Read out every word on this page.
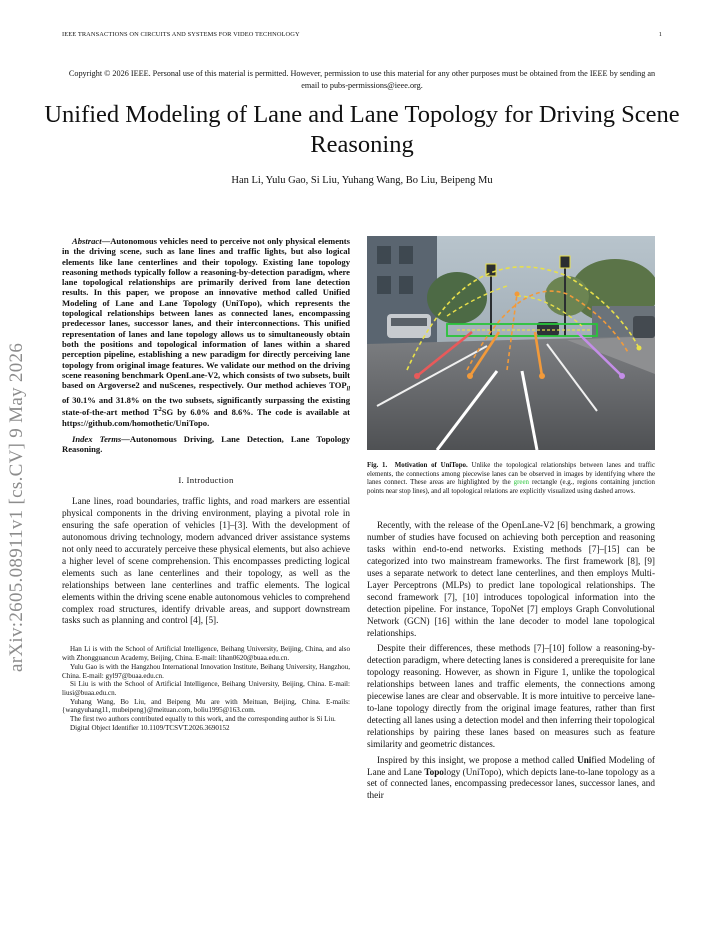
IEEE TRANSACTIONS ON CIRCUITS AND SYSTEMS FOR VIDEO TECHNOLOGY	1
Copyright © 2026 IEEE. Personal use of this material is permitted. However, permission to use this material for any other purposes must be obtained from the IEEE by sending an email to pubs-permissions@ieee.org.
Unified Modeling of Lane and Lane Topology for Driving Scene Reasoning
Han Li, Yulu Gao, Si Liu, Yuhang Wang, Bo Liu, Beipeng Mu
arXiv:2605.08911v1 [cs.CV] 9 May 2026

Abstract—Autonomous vehicles need to perceive not only physical elements in the driving scene, such as lane lines and traffic lights, but also logical elements like lane centerlines and their topology. Existing lane topology reasoning methods typically follow a reasoning-by-detection paradigm, where lane topological relationships are primarily derived from lane detection results. In this paper, we propose an innovative method called Unified Modeling of Lane and Lane Topology (UniTopo), which represents the topological relationships between lanes as connected lanes, encompassing predecessor lanes, successor lanes, and their interconnections. This unified representation of lanes and lane topology allows us to simultaneously obtain both the positions and topological information of lanes within a shared perception pipeline, establishing a new paradigm for directly perceiving lane topology from original image features. We validate our method on the driving scene reasoning benchmark OpenLane-V2, which consists of two subsets, built based on Argoverse2 and nuScenes, respectively. Our method achieves $TOP_{ll}$ of 30.1% and 31.8% on the two subsets, significantly surpassing the existing state-of-the-art method $T^2SG$ by 6.0% and 8.6%. The code is available at https://github.com/homothetic/UniTopo.

Index Terms—Autonomous Driving, Lane Detection, Lane Topology Reasoning.

I. Introduction

Lane lines, road boundaries, traffic lights, and road markers are essential physical components in the driving environment, playing a pivotal role in ensuring the safe operation of vehicles [1]–[3]. With the development of autonomous driving technology, modern advanced driver assistance systems not only need to accurately perceive these physical elements, but also achieve a higher level of scene comprehension. This encompasses predicting logical elements such as lane centerlines and their topology, as well as the relationships between lane centerlines and traffic elements. The logical elements within the driving scene enable autonomous vehicles to comprehend complex road structures, identify drivable areas, and support downstream tasks such as planning and control [4], [5].

Han Li is with the School of Artificial Intelligence, Beihang University, Beijing, China, and also with Zhongguancun Academy, Beijing, China. E-mail: lihan0620@buaa.edu.cn.

Yulu Gao is with the Hangzhou International Innovation Institute, Beihang University, Hangzhou, China. E-mail: gyl97@buaa.edu.cn.

Si Liu is with the School of Artificial Intelligence, Beihang University, Beijing, China. E-mail: liusi@buaa.edu.cn.

Yuhang Wang, Bo Liu, and Beipeng Mu are with Meituan, Beijing, China. E-mails: {wangyuhang11, mubeipeng}@meituan.com, boliu1995@163.com.

The first two authors contributed equally to this work, and the corresponding author is Si Liu.

Digital Object Identifier 10.1109/TCSVT.2026.3690152

Fig. 1. Motivation of UniTopo. Unlike the topological relationships between lanes and traffic elements, the connections among piecewise lanes can be observed in images by identifying where the lanes connect. These areas are highlighted by the green rectangle (e.g., regions containing junction points near stop lines), and all topological relations are explicitly visualized using dashed arrows.

Recently, with the release of the OpenLane-V2 [6] benchmark, a growing number of studies have focused on achieving both perception and reasoning tasks within end-to-end networks. Existing methods [7]–[15] can be categorized into two mainstream frameworks. The first framework [8], [9] uses a separate network to detect lane centerlines, and then employs Multi-Layer Perceptrons (MLPs) to predict lane topological relationships. The second framework [7], [10] introduces topological information into the detection pipeline. For instance, TopoNet [7] employs Graph Convolutional Network (GCN) [16] within the lane decoder to model lane topological relationships.

Despite their differences, these methods [7]–[10] follow a reasoning-by-detection paradigm, where detecting lanes is considered a prerequisite for lane topology reasoning. However, as shown in Figure 1, unlike the topological relationships between lanes and traffic elements, the connections among piecewise lanes are clear and observable. It is more intuitive to perceive lane-to-lane topology directly from the original image features, rather than first detecting all lanes using a detection model and then inferring their topological relationships by pairing these lanes based on measures such as feature similarity and geometric distances.

Inspired by this insight, we propose a method called Unified Modeling of Lane and Lane Topology (UniTopo), which depicts lane-to-lane topology as a set of connected lanes, encompassing predecessor lanes, successor lanes, and their
